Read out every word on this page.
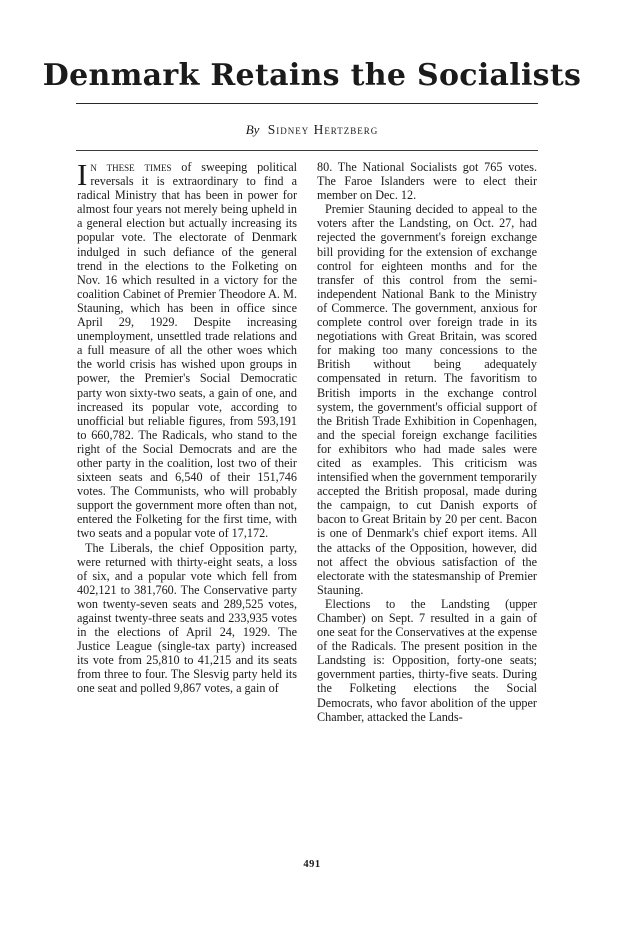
Denmark Retains the Socialists

By Sidney Hertzberg

In these times of sweeping political reversals it is extraordinary to find a radical Ministry that has been in power for almost four years not merely being upheld in a general election but actually increasing its popular vote. The electorate of Denmark indulged in such defiance of the general trend in the elections to the Folketing on Nov. 16 which resulted in a victory for the coalition Cabinet of Premier Theodore A. M. Stauning, which has been in office since April 29, 1929. Despite increasing unemployment, unsettled trade relations and a full measure of all the other woes which the world crisis has wished upon groups in power, the Premier's Social Democratic party won sixty-two seats, a gain of one, and increased its popular vote, according to unofficial but reliable figures, from 593,191 to 660,782. The Radicals, who stand to the right of the Social Democrats and are the other party in the coalition, lost two of their sixteen seats and 6,540 of their 151,746 votes. The Communists, who will probably support the government more often than not, entered the Folketing for the first time, with two seats and a popular vote of 17,172.

The Liberals, the chief Opposition party, were returned with thirty-eight seats, a loss of six, and a popular vote which fell from 402,121 to 381,760. The Conservative party won twenty-seven seats and 289,525 votes, against twenty-three seats and 233,935 votes in the elections of April 24, 1929. The Justice League (single-tax party) increased its vote from 25,810 to 41,215 and its seats from three to four. The Slesvig party held its one seat and polled 9,867 votes, a gain of

80. The National Socialists got 765 votes. The Faroe Islanders were to elect their member on Dec. 12.

Premier Stauning decided to appeal to the voters after the Landsting, on Oct. 27, had rejected the government's foreign exchange bill providing for the extension of exchange control for eighteen months and for the transfer of this control from the semi-independent National Bank to the Ministry of Commerce. The government, anxious for complete control over foreign trade in its negotiations with Great Britain, was scored for making too many concessions to the British without being adequately compensated in return. The favoritism to British imports in the exchange control system, the government's official support of the British Trade Exhibition in Copenhagen, and the special foreign exchange facilities for exhibitors who had made sales were cited as examples. This criticism was intensified when the government temporarily accepted the British proposal, made during the campaign, to cut Danish exports of bacon to Great Britain by 20 per cent. Bacon is one of Denmark's chief export items. All the attacks of the Opposition, however, did not affect the obvious satisfaction of the electorate with the statesmanship of Premier Stauning.

Elections to the Landsting (upper Chamber) on Sept. 7 resulted in a gain of one seat for the Conservatives at the expense of the Radicals. The present position in the Landsting is: Opposition, forty-one seats; government parties, thirty-five seats. During the Folketing elections the Social Democrats, who favor abolition of the upper Chamber, attacked the Lands-

491
